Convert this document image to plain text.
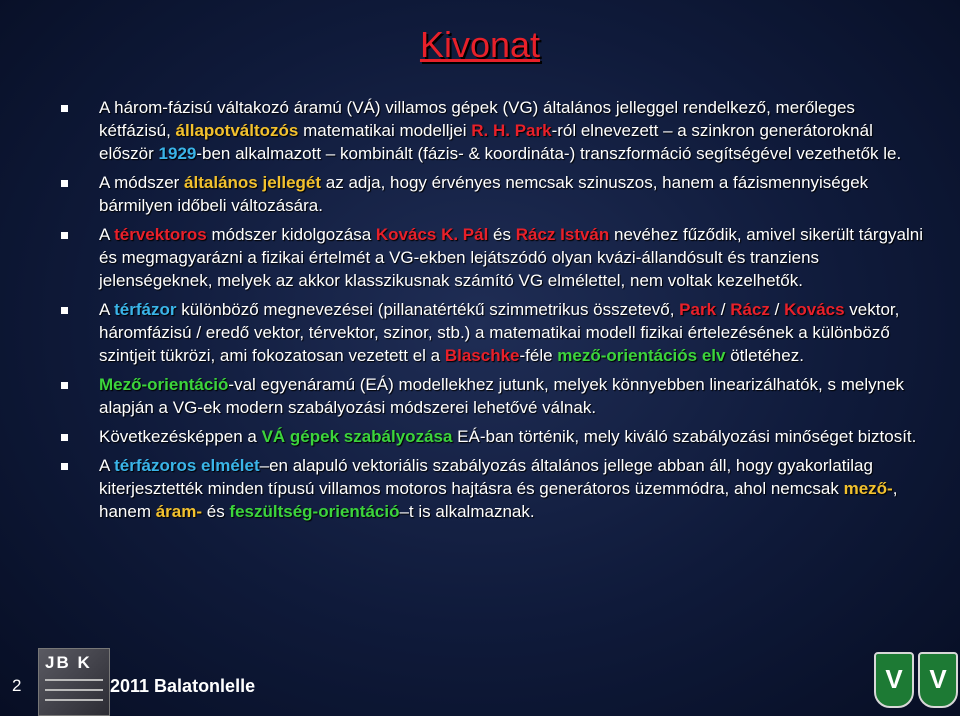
Kivonat
A három-fázisú váltakozó áramú (VÁ) villamos gépek (VG) általános jelleggel rendelkező, merőleges kétfázisú, állapotváltozós matematikai modelljei R. H. Park-ról elnevezett – a szinkron generátoroknál először 1929-ben alkalmazott – kombinált (fázis- & koordináta-) transzformáció segítségével vezethetők le.
A módszer általános jellegét az adja, hogy érvényes nemcsak szinuszos, hanem a fázismennyiségek bármilyen időbeli változására.
A térvektoros módszer kidolgozása Kovács K. Pál és Rácz István nevéhez fűződik, amivel sikerült tárgyalni és megmagyarázni a fizikai értelmét a VG-ekben lejátszódó olyan kvázi-állandósult és tranziens jelenségeknek, melyek az akkor klasszikusnak számító VG elmélettel, nem voltak kezelhetők.
A térfázor különböző megnevezései (pillanatértékű szimmetrikus összetevő, Park / Rácz / Kovács vektor, háromfázisú / eredő vektor, térvektor, szinor, stb.) a matematikai modell fizikai értelezésének a különböző szintjeit tükrözi, ami fokozatosan vezetett el a Blaschke-féle mező-orientációs elv ötletéhez.
Mező-orientáció-val egyenáramú (EÁ) modellekhez jutunk, melyek könnyebben linearizálhatók, s melynek alapján a VG-ek modern szabályozási módszerei lehetővé válnak.
Következésképpen a VÁ gépek szabályozása EÁ-ban történik, mely kiváló szabályozási minőséget biztosít.
A térfázoros elmélet–en alapuló vektoriális szabályozás általános jellege abban áll, hogy gyakorlatilag kiterjesztették minden típusú villamos motoros hajtásra és generátoros üzemmódra, ahol nemcsak mező-, hanem áram- és feszültség-orientáció–t is alkalmaznak.
2
JB K
2011 Balatonlelle	V	V
